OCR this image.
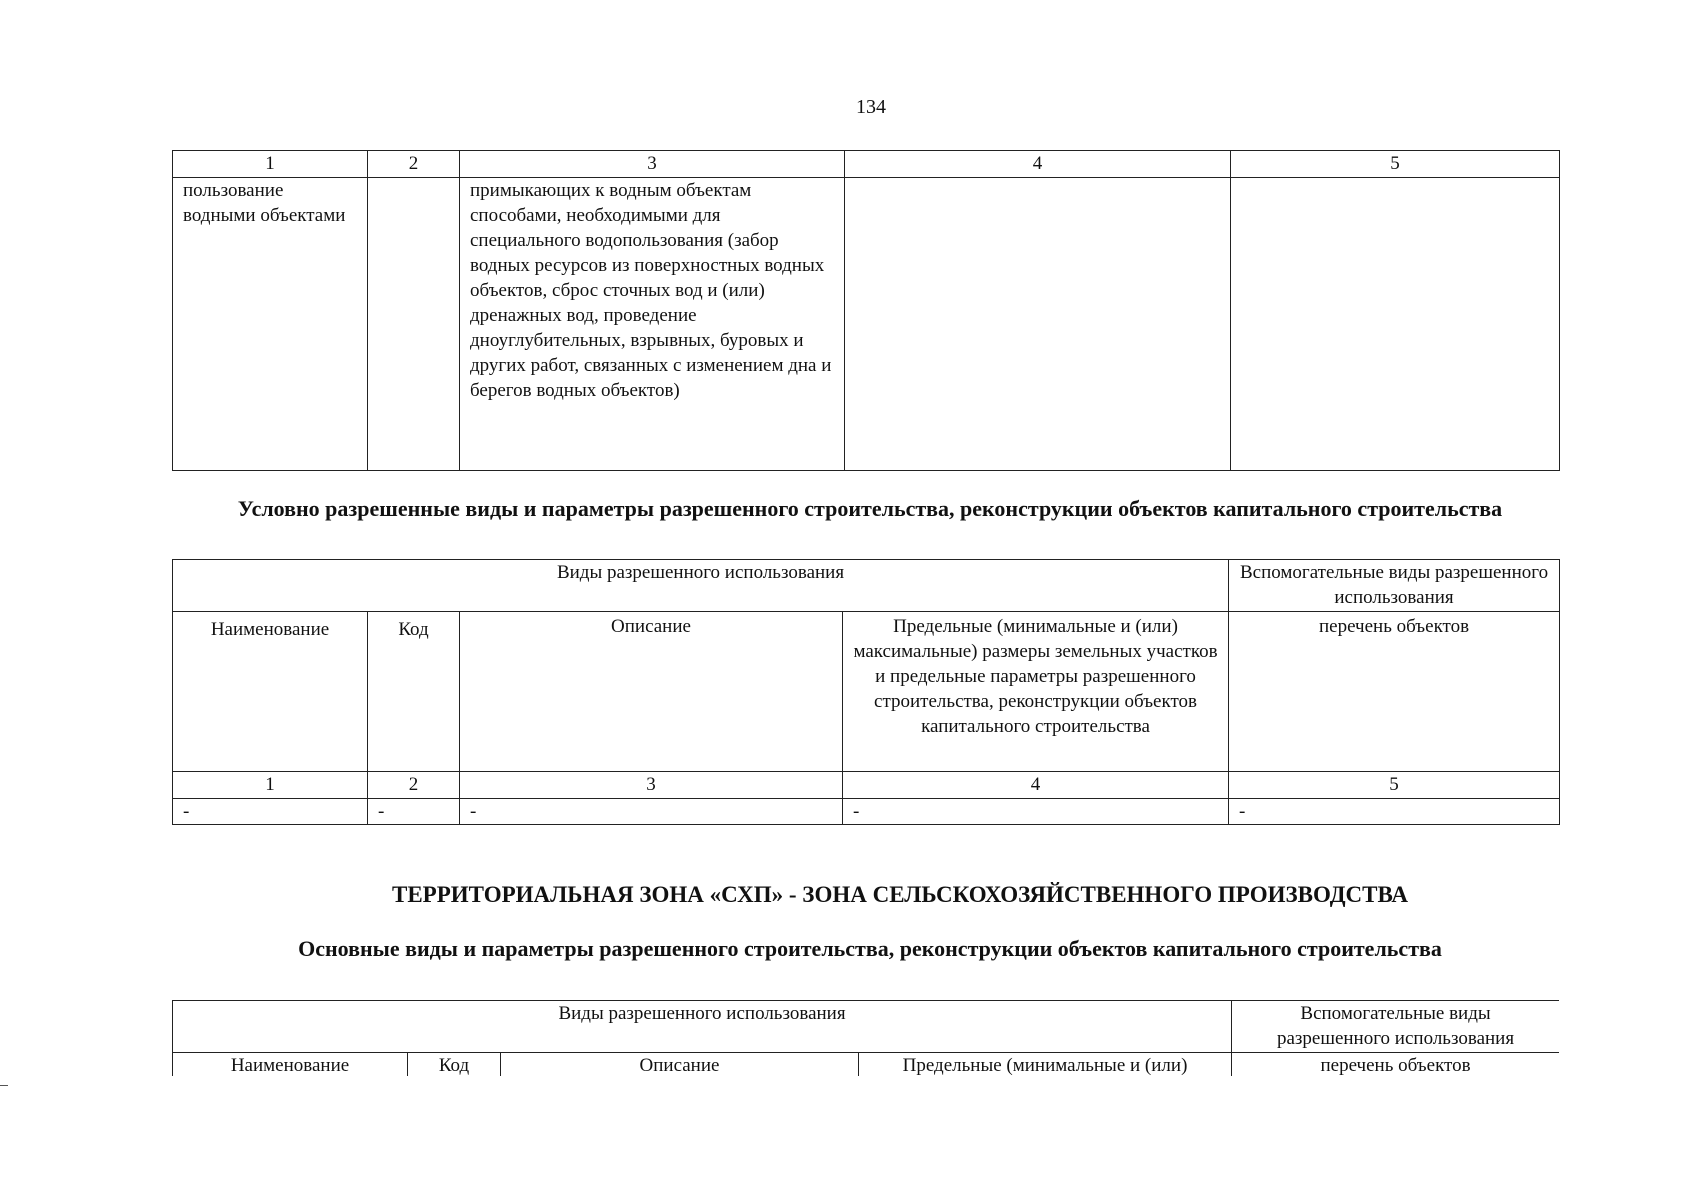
134
1	2	3	4	5
пользование водными объектами		примыкающих к водным объектам способами, необходимыми для специального водопользования (забор водных ресурсов из поверхностных водных объектов, сброс сточных вод и (или) дренажных вод, проведение дноуглубительных, взрывных, буровых и других работ, связанных с изменением дна и берегов водных объектов)		
Условно разрешенные виды и параметры разрешенного строительства, реконструкции объектов капитального строительства
Виды разрешенного использования				Вспомогательные виды разрешенного использования
Наименование	Код	Описание	Предельные (минимальные и (или) максимальные) размеры земельных участков и предельные параметры разрешенного строительства, реконструкции объектов капитального строительства	перечень объектов
1	2	3	4	5
-	-	-	-	-
ТЕРРИТОРИАЛЬНАЯ ЗОНА «СХП» - ЗОНА СЕЛЬСКОХОЗЯЙСТВЕННОГО ПРОИЗВОДСТВА
Основные виды и параметры разрешенного строительства, реконструкции объектов капитального строительства
Виды разрешенного использования				Вспомогательные виды разрешенного использования
Наименование	Код	Описание	Предельные (минимальные и (или)	перечень объектов
